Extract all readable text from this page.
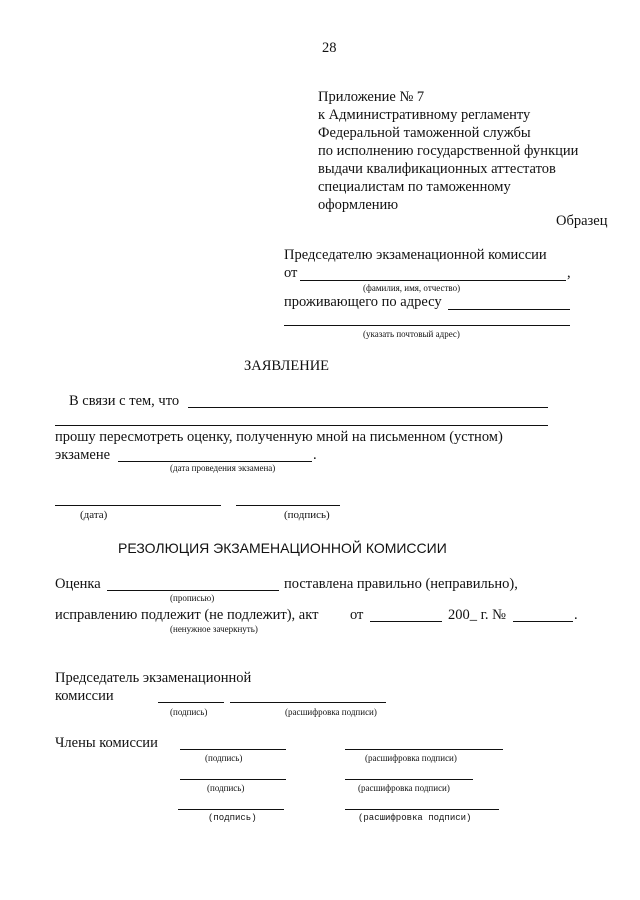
28
Приложение № 7
к Административному регламенту
Федеральной таможенной службы
по исполнению государственной функции
выдачи квалификационных аттестатов
специалистам по таможенному
оформлению
Образец
Председателю экзаменационной комиссии
от	,
(фамилия, имя, отчество)
проживающего по адресу
(указать почтовый адрес)
ЗАЯВЛЕНИЕ
В связи с тем, что
прошу пересмотреть оценку, полученную мной на письменном (устном)
экзамене	.
(дата проведения экзамена)
(дата)	(подпись)
РЕЗОЛЮЦИЯ ЭКЗАМЕНАЦИОННОЙ КОМИССИИ
Оценка	поставлена правильно (неправильно),
(прописью)
исправлению подлежит (не подлежит), акт от	200_ г. №	.
(ненужное зачеркнуть)
Председатель экзаменационной
комиссии
(подпись)	(расшифровка подписи)
Члены комиссии
(подпись)	(расшифровка подписи)
(подпись)	(расшифровка подписи)
(подпись)	(расшифровка подписи)
